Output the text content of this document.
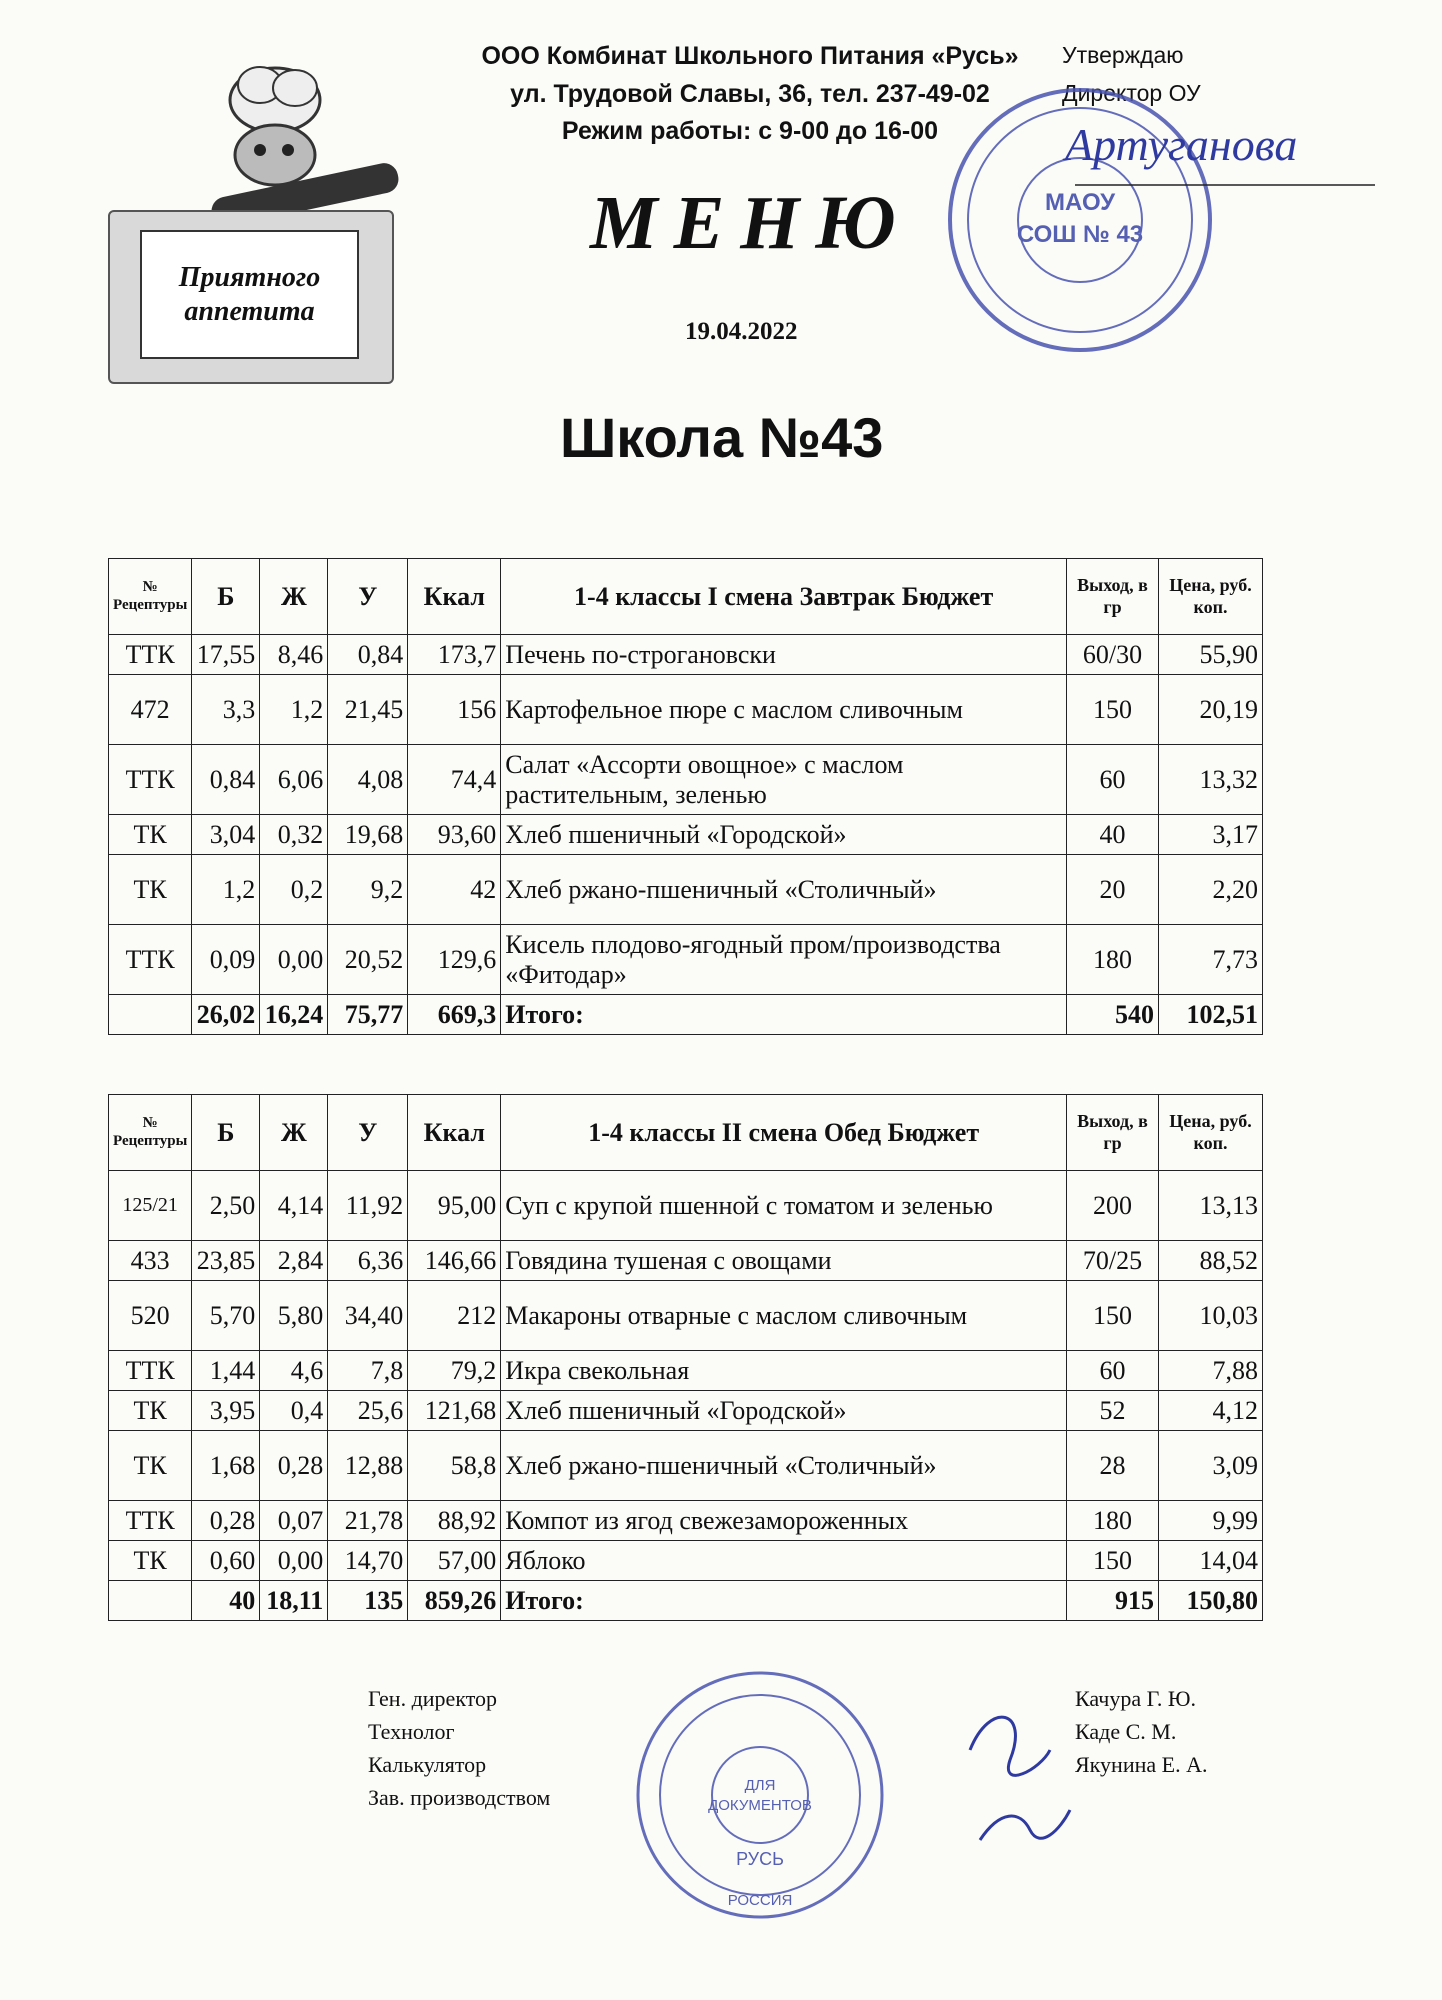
ООО Комбинат Школьного Питания «Русь»
ул. Трудовой Славы, 36, тел. 237-49-02
Режим работы: с 9-00 до 16-00
Утверждаю
Директор ОУ
Приятного
аппетита
МАОУ
СОШ № 43
Артуганова
МЕНЮ
19.04.2022
Школа №43
№ Рецептуры	Б	Ж	У	Ккал	1-4 классы I смена Завтрак Бюджет	Выход, в гр	Цена, руб. коп.
ТТК	17,55	8,46	0,84	173,7	Печень по-строгановски	60/30	55,90
472	3,3	1,2	21,45	156	Картофельное пюре с маслом сливочным	150	20,19
ТТК	0,84	6,06	4,08	74,4	Салат «Ассорти овощное» с маслом растительным, зеленью	60	13,32
ТК	3,04	0,32	19,68	93,60	Хлеб пшеничный «Городской»	40	3,17
ТК	1,2	0,2	9,2	42	Хлеб ржано-пшеничный «Столичный»	20	2,20
ТТК	0,09	0,00	20,52	129,6	Кисель плодово-ягодный пром/производства «Фитодар»	180	7,73
	26,02	16,24	75,77	669,3	Итого:	540	102,51
№ Рецептуры	Б	Ж	У	Ккал	1-4 классы II смена Обед Бюджет	Выход, в гр	Цена, руб. коп.
125/21	2,50	4,14	11,92	95,00	Суп с крупой пшенной с томатом и зеленью	200	13,13
433	23,85	2,84	6,36	146,66	Говядина тушеная с овощами	70/25	88,52
520	5,70	5,80	34,40	212	Макароны отварные с маслом сливочным	150	10,03
ТТК	1,44	4,6	7,8	79,2	Икра свекольная	60	7,88
ТК	3,95	0,4	25,6	121,68	Хлеб пшеничный «Городской»	52	4,12
ТК	1,68	0,28	12,88	58,8	Хлеб ржано-пшеничный «Столичный»	28	3,09
ТТК	0,28	0,07	21,78	88,92	Компот из ягод свежезамороженных	180	9,99
ТК	0,60	0,00	14,70	57,00	Яблоко	150	14,04
	40	18,11	135	859,26	Итого:	915	150,80
Ген. директор
Технолог
Калькулятор
Зав. производством
Качура Г. Ю.
Каде С. М.
Якунина Е. А.
ДЛЯ
ДОКУМЕНТОВ
РУСЬ
РОССИЯ
